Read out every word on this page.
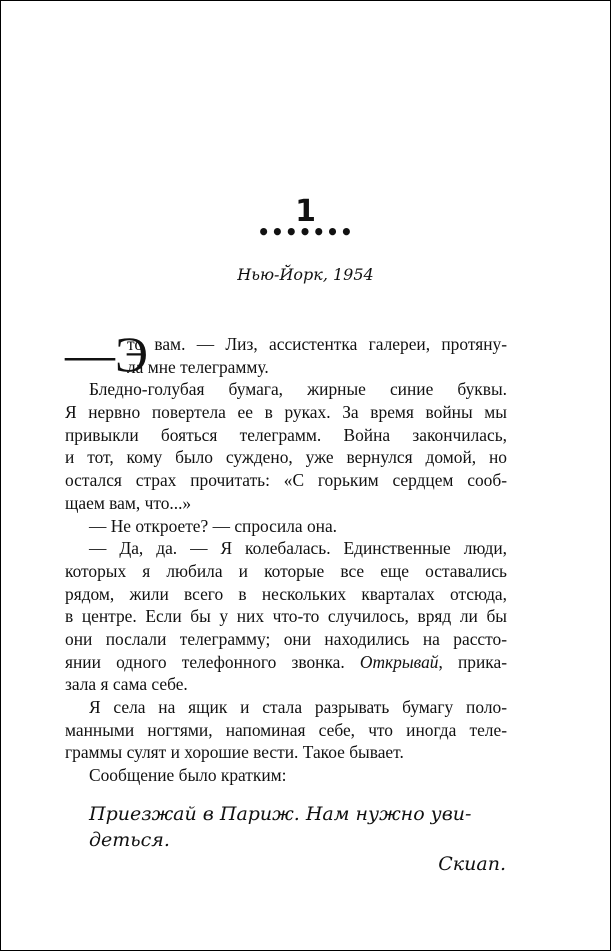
1
•••••••
Нью-Йорк, 1954
—Э
то вам. — Лиз, ассистентка галереи, протяну-
ла мне телеграмму.
Бледно-голубая бумага, жирные синие буквы.
Я нервно повертела ее в руках. За время войны мы
привыкли бояться телеграмм. Война закончилась,
и тот, кому было суждено, уже вернулся домой, но
остался страх прочитать: «С горьким сердцем сооб-
щаем вам, что...»
— Не откроете? — спросила она.
— Да, да. — Я колебалась. Единственные люди,
которых я любила и которые все еще оставались
рядом, жили всего в нескольких кварталах отсюда,
в центре. Если бы у них что-то случилось, вряд ли бы
они послали телеграмму; они находились на рассто-
янии одного телефонного звонка. Открывай, прика-
зала я сама себе.
Я села на ящик и стала разрывать бумагу поло-
манными ногтями, напоминая себе, что иногда теле-
граммы сулят и хорошие вести. Такое бывает.
Сообщение было кратким:
Приезжай в Париж. Нам нужно уви-
деться.
Скиап.
